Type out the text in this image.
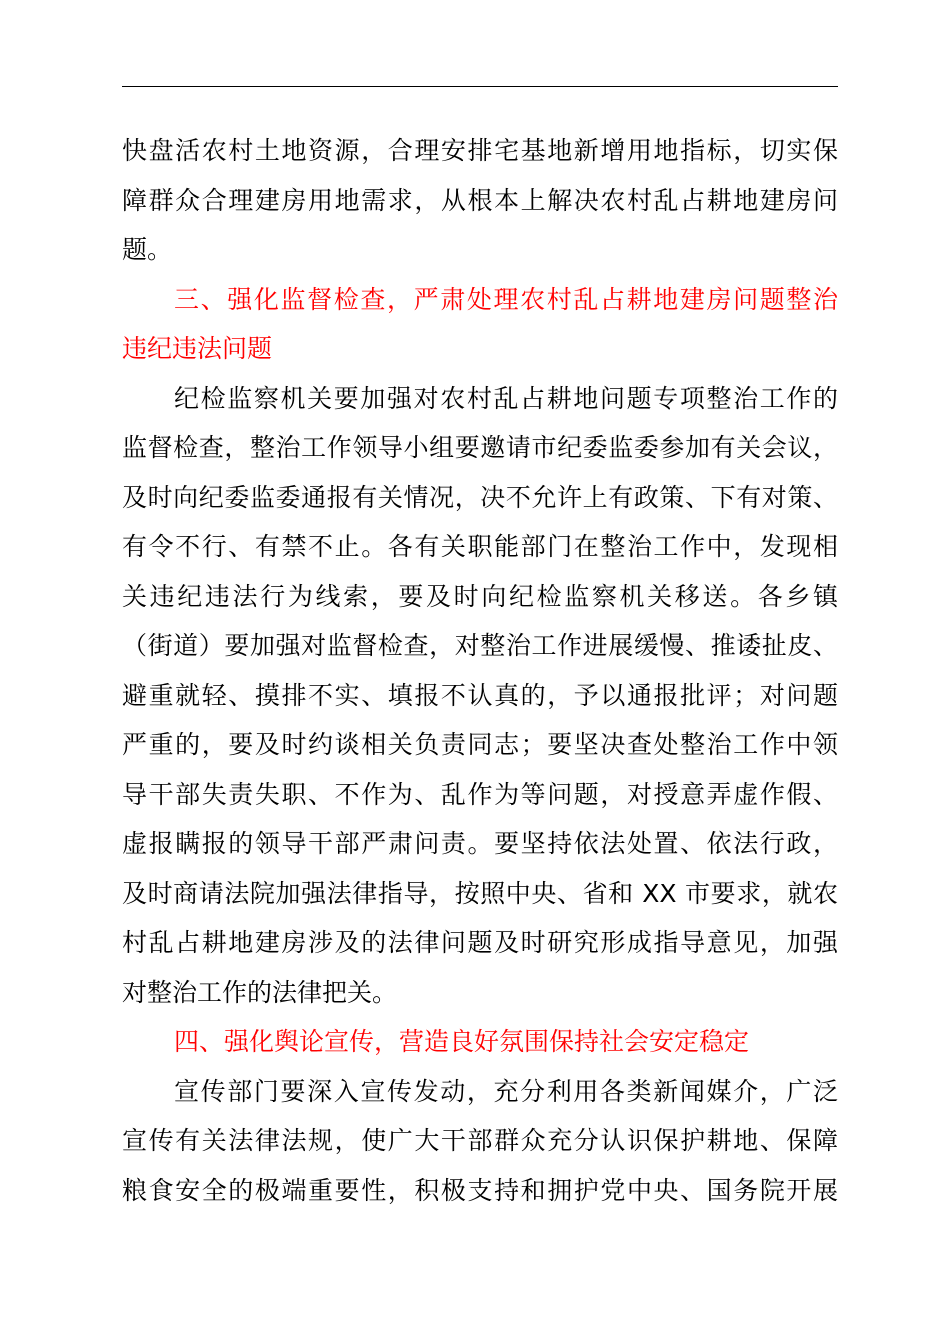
快盘活农村土地资源，合理安排宅基地新增用地指标，切实保
障群众合理建房用地需求，从根本上解决农村乱占耕地建房问
题。
三、强化监督检查，严肃处理农村乱占耕地建房问题整治
违纪违法问题
纪检监察机关要加强对农村乱占耕地问题专项整治工作的
监督检查，整治工作领导小组要邀请市纪委监委参加有关会议，
及时向纪委监委通报有关情况，决不允许上有政策、下有对策、
有令不行、有禁不止。各有关职能部门在整治工作中，发现相
关违纪违法行为线索，要及时向纪检监察机关移送。各乡镇
（街道）要加强对监督检查，对整治工作进展缓慢、推诿扯皮、
避重就轻、摸排不实、填报不认真的，予以通报批评；对问题
严重的，要及时约谈相关负责同志；要坚决查处整治工作中领
导干部失责失职、不作为、乱作为等问题，对授意弄虚作假、
虚报瞒报的领导干部严肃问责。要坚持依法处置、依法行政，
及时商请法院加强法律指导，按照中央、省和 XX 市要求，就农
村乱占耕地建房涉及的法律问题及时研究形成指导意见，加强
对整治工作的法律把关。
四、强化舆论宣传，营造良好氛围保持社会安定稳定
宣传部门要深入宣传发动，充分利用各类新闻媒介，广泛
宣传有关法律法规，使广大干部群众充分认识保护耕地、保障
粮食安全的极端重要性，积极支持和拥护党中央、国务院开展
